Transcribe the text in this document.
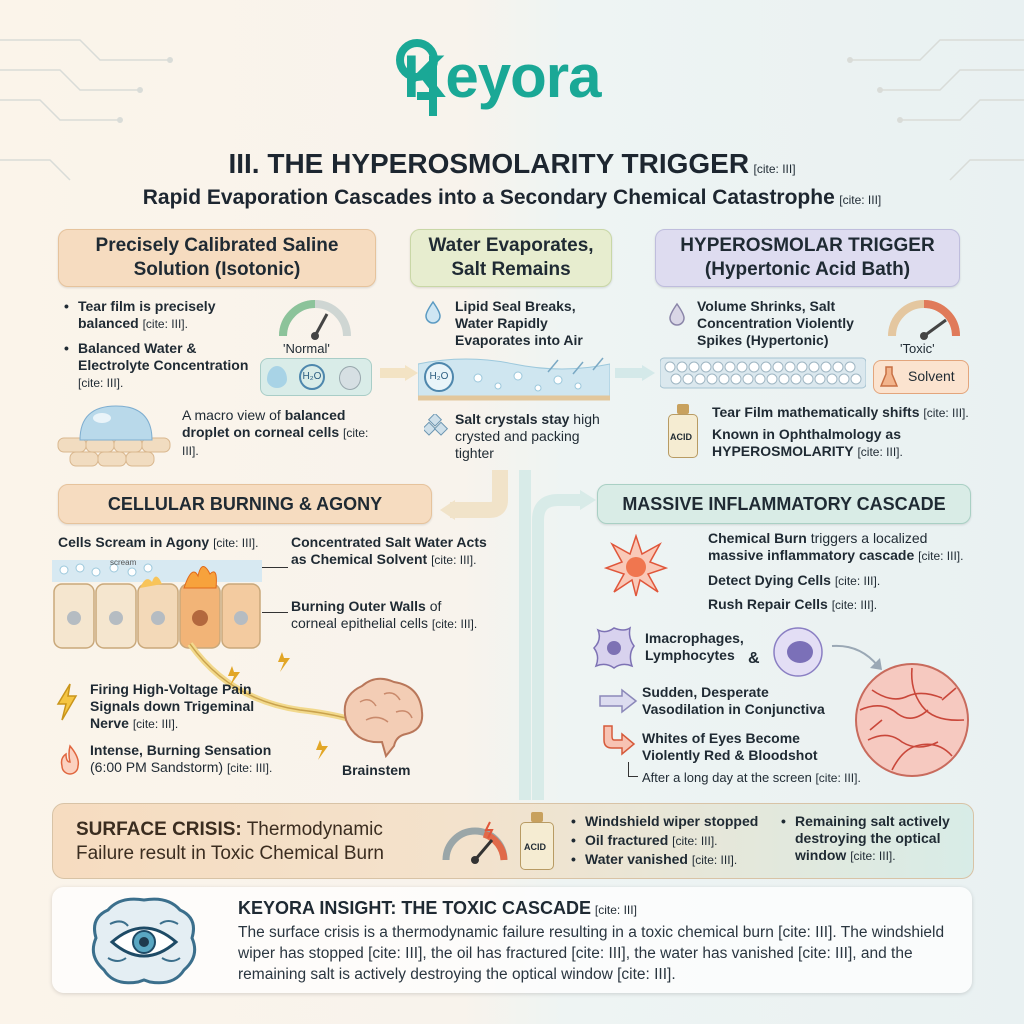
Keyora
III. THE HYPEROSMOLARITY TRIGGER [cite: III]
Rapid Evaporation Cascades into a Secondary Chemical Catastrophe [cite: III]
Precisely Calibrated Saline Solution (Isotonic)
Water Evaporates, Salt Remains
HYPEROSMOLAR TRIGGER (Hypertonic Acid Bath)
• Tear film is precisely balanced [cite: III].
• Balanced Water & Electrolyte Concentration [cite: III].
'Normal'
H₂O
A macro view of balanced droplet on corneal cells [cite: III].
Lipid Seal Breaks, Water Rapidly Evaporates into Air
H₂O
Salt crystals stay high crysted and packing tighter
Volume Shrinks, Salt Concentration Violently Spikes (Hypertonic)
'Toxic'
Solvent
ACID
Tear Film mathematically shifts [cite: III].
Known in Ophthalmology as HYPEROSMOLARITY [cite: III].
CELLULAR BURNING & AGONY
Cells Scream in Agony [cite: III].
scream
Concentrated Salt Water Acts as Chemical Solvent [cite: III].
Burning Outer Walls of corneal epithelial cells [cite: III].
Brainstem
Firing High-Voltage Pain Signals down Trigeminal Nerve [cite: III].
Intense, Burning Sensation
(6:00 PM Sandstorm) [cite: III].
MASSIVE INFLAMMATORY CASCADE
Chemical Burn triggers a localized
massive inflammatory cascade [cite: III].
Detect Dying Cells [cite: III].
Rush Repair Cells [cite: III].
Imacrophages, Lymphocytes &
Sudden, Desperate Vasodilation in Conjunctiva
Whites of Eyes Become Violently Red & Bloodshot
After a long day at the screen [cite: III].
SURFACE CRISIS: Thermodynamic Failure result in Toxic Chemical Burn	ACID
• Windshield wiper stopped
• Oil fractured [cite: III].
• Water vanished [cite: III].
• Remaining salt actively destroying the optical window [cite: III].
KEYORA INSIGHT: THE TOXIC CASCADE [cite: III]
The surface crisis is a thermodynamic failure resulting in a toxic chemical burn [cite: III]. The windshield wiper has stopped [cite: III], the oil has fractured [cite: III], the water has vanished [cite: III], and the remaining salt is actively destroying the optical window [cite: III].
